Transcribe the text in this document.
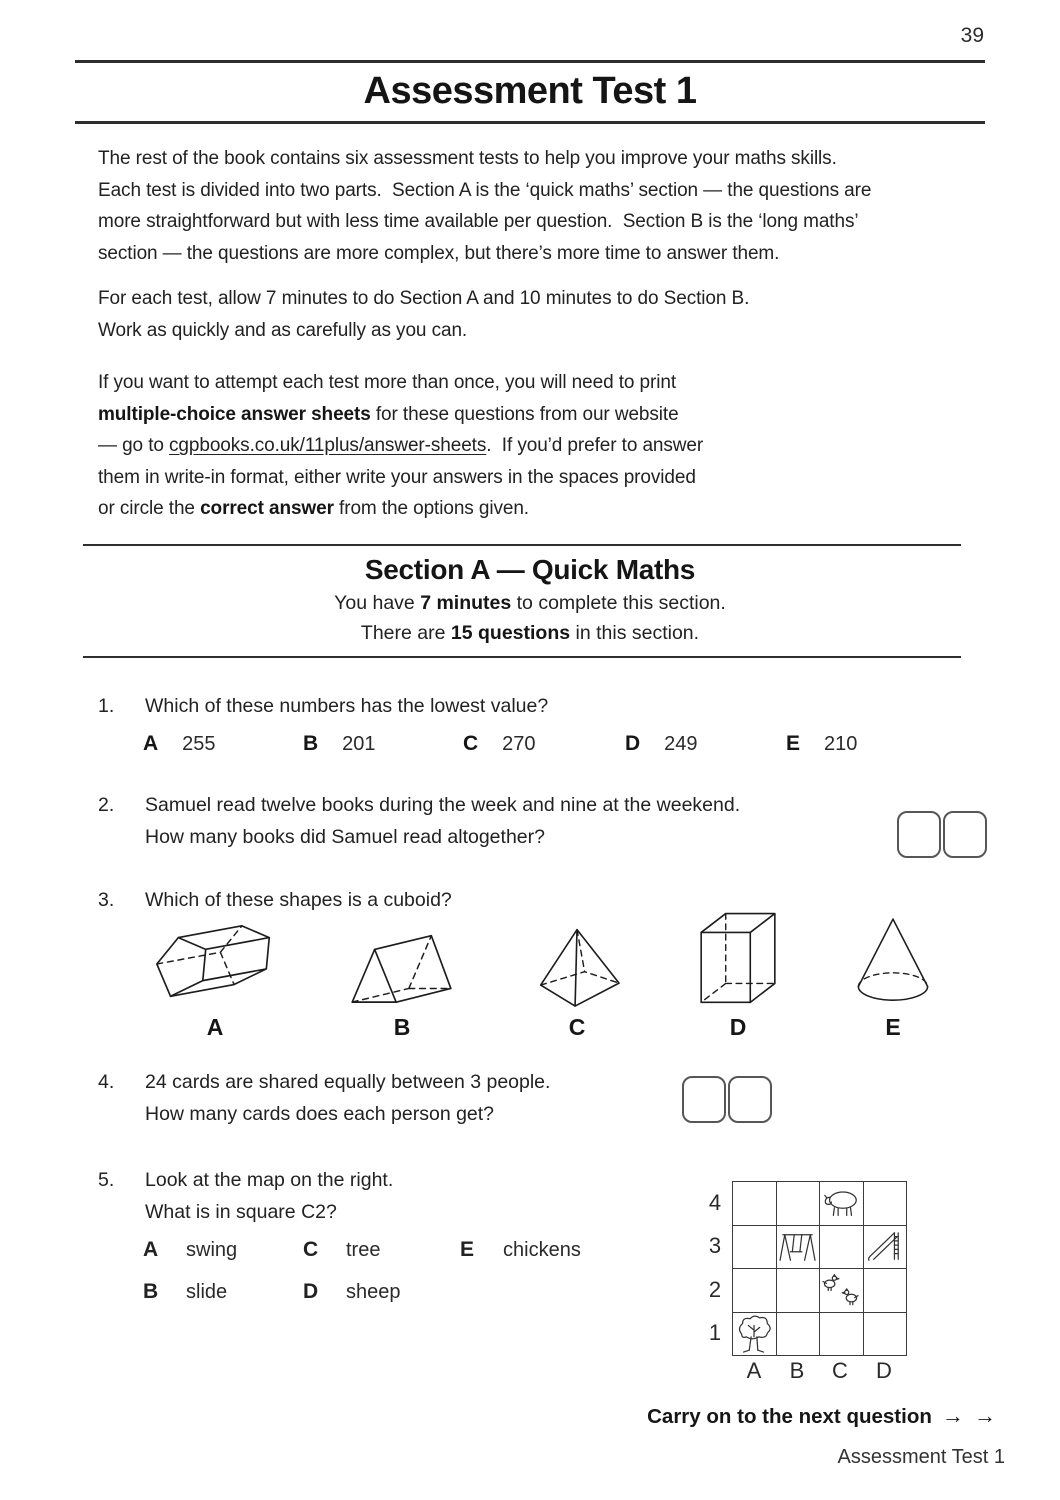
39
Assessment Test 1
The rest of the book contains six assessment tests to help you improve your maths skills.
Each test is divided into two parts.  Section A is the ‘quick maths’ section — the questions are
more straightforward but with less time available per question.  Section B is the ‘long maths’
section — the questions are more complex, but there’s more time to answer them.
For each test, allow 7 minutes to do Section A and 10 minutes to do Section B.
Work as quickly and as carefully as you can.
If you want to attempt each test more than once, you will need to print
multiple-choice answer sheets for these questions from our website
— go to cgpbooks.co.uk/11plus/answer-sheets.  If you’d prefer to answer
them in write-in format, either write your answers in the spaces provided
or circle the correct answer from the options given.
Section A — Quick Maths
You have 7 minutes to complete this section.
There are 15 questions in this section.
1. Which of these numbers has the lowest value?
A 255	B 201	C 270	D 249	E 210
2. Samuel read twelve books during the week and nine at the weekend.
How many books did Samuel read altogether?
3. Which of these shapes is a cuboid?
A	B	C	D	E
4. 24 cards are shared equally between 3 people.
How many cards does each person get?
5. Look at the map on the right.
What is in square C2?
A swing	C tree	E chickens
B slide	D sheep
4
3
2
1
A B C D
Carry on to the next question → →
Assessment Test 1
